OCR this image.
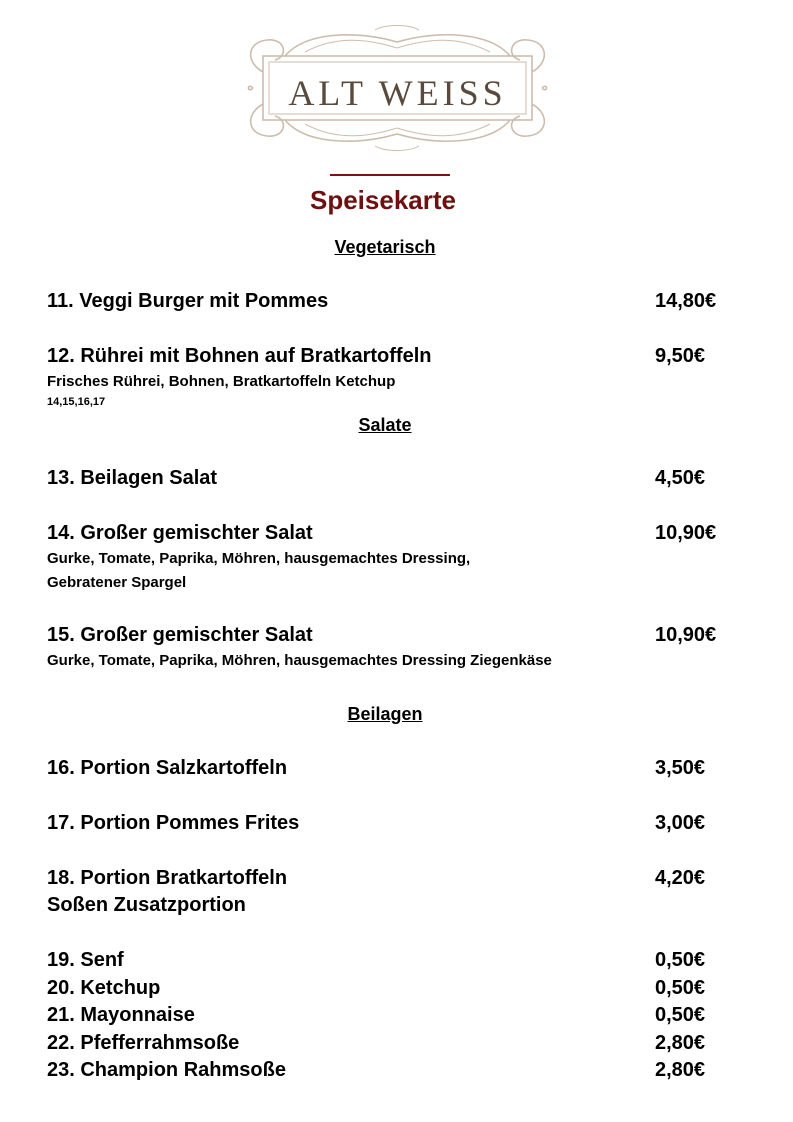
ALT WEISS
Speisekarte
Vegetarisch
11. Veggi Burger mit Pommes	14,80€
12. Rührei mit Bohnen auf Bratkartoffeln	9,50€
Frisches Rührei, Bohnen, Bratkartoffeln Ketchup
14,15,16,17
Salate
13. Beilagen Salat	4,50€
14. Großer gemischter Salat	10,90€
Gurke, Tomate, Paprika, Möhren, hausgemachtes Dressing,
Gebratener Spargel
15. Großer gemischter Salat	10,90€
Gurke, Tomate, Paprika, Möhren, hausgemachtes Dressing Ziegenkäse
Beilagen
16. Portion Salzkartoffeln	3,50€
17. Portion Pommes Frites	3,00€
18. Portion Bratkartoffeln	4,20€
Soßen Zusatzportion
19. Senf	0,50€
20. Ketchup	0,50€
21. Mayonnaise	0,50€
22. Pfefferrahmsoße	2,80€
23. Champion Rahmsoße	2,80€
